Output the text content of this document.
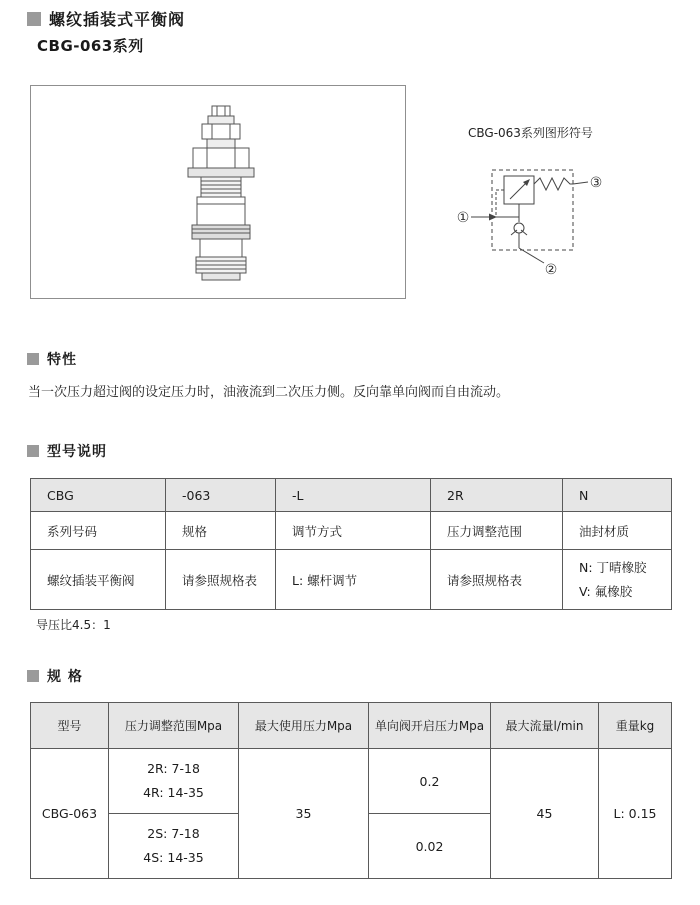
螺纹插装式平衡阀
CBG-063系列
CBG-063系列图形符号
①
②
③
特性

当一次压力超过阀的设定压力时，油液流到二次压力侧。反向靠单向阀而自由流动。

型号说明
CBG	-063	-L	2R	N
系列号码	规格	调节方式	压力调整范围	油封材质
螺纹插装平衡阀	请参照规格表	L: 螺杆调节	请参照规格表	N: 丁晴橡胶
V: 氟橡胶
导压比4.5：1
规 格
型号	压力调整范围Mpa	最大使用压力Mpa	单向阀开启压力Mpa	最大流量l/min	重量kg
CBG-063	2R: 7-18
4R: 14-35	35	0.2	45	L: 0.15

	2S: 7-18
4S: 14-35		0.02		
